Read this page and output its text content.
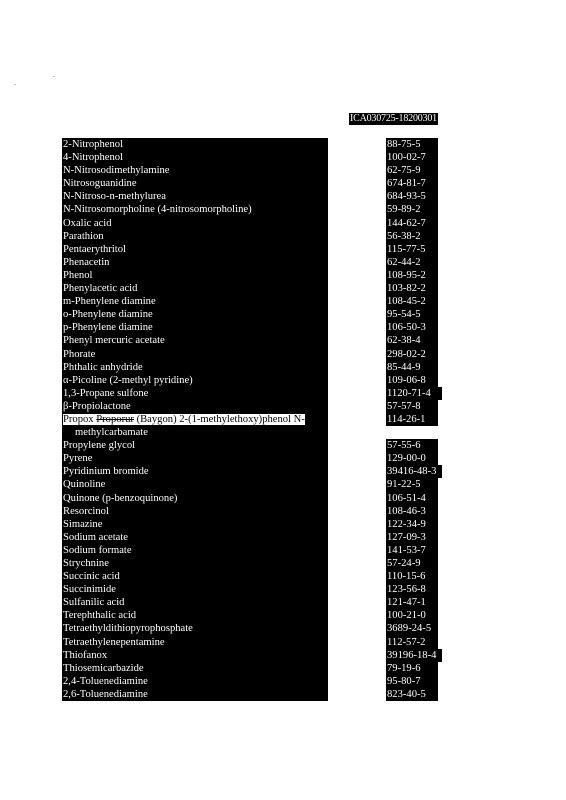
ICA030725-18200301
2-Nitrophenol
4-Nitrophenol
N-Nitrosodimethylamine
Nitrosoguanidine
N-Nitroso-n-methylurea
N-Nitrosomorpholine (4-nitrosomorpholine)
Oxalic acid
Parathion
Pentaerythritol
Phenacetin
Phenol
Phenylacetic acid
m-Phenylene diamine
o-Phenylene diamine
p-Phenylene diamine
Phenyl mercuric acetate
Phorate
Phthalic anhydride
α-Picoline (2-methyl pyridine)
1,3-Propane sulfone
β-Propiolactone
Propox Proporur (Baygon) 2-(1-methylethoxy)phenol N-
methylcarbamate
Propylene glycol
Pyrene
Pyridinium bromide
Quinoline
Quinone (p-benzoquinone)
Resorcinol
Simazine
Sodium acetate
Sodium formate
Strychnine
Succinic acid
Succinimide
Sulfanilic acid
Terephthalic acid
Tetraethyldithiopyrophosphate
Tetraethylenepentamine
Thiofanox
Thiosemicarbazide
2,4-Toluenediamine
2,6-Toluenediamine
88-75-5
100-02-7
62-75-9
674-81-7
684-93-5
59-89-2
144-62-7
56-38-2
115-77-5
62-44-2
108-95-2
103-82-2
108-45-2
95-54-5
106-50-3
62-38-4
298-02-2
85-44-9
109-06-8
1120-71-4
57-57-8
114-26-1
57-55-6
129-00-0
39416-48-3
91-22-5
106-51-4
108-46-3
122-34-9
127-09-3
141-53-7
57-24-9
110-15-6
123-56-8
121-47-1
100-21-0
3689-24-5
112-57-2
39196-18-4
79-19-6
95-80-7
823-40-5
